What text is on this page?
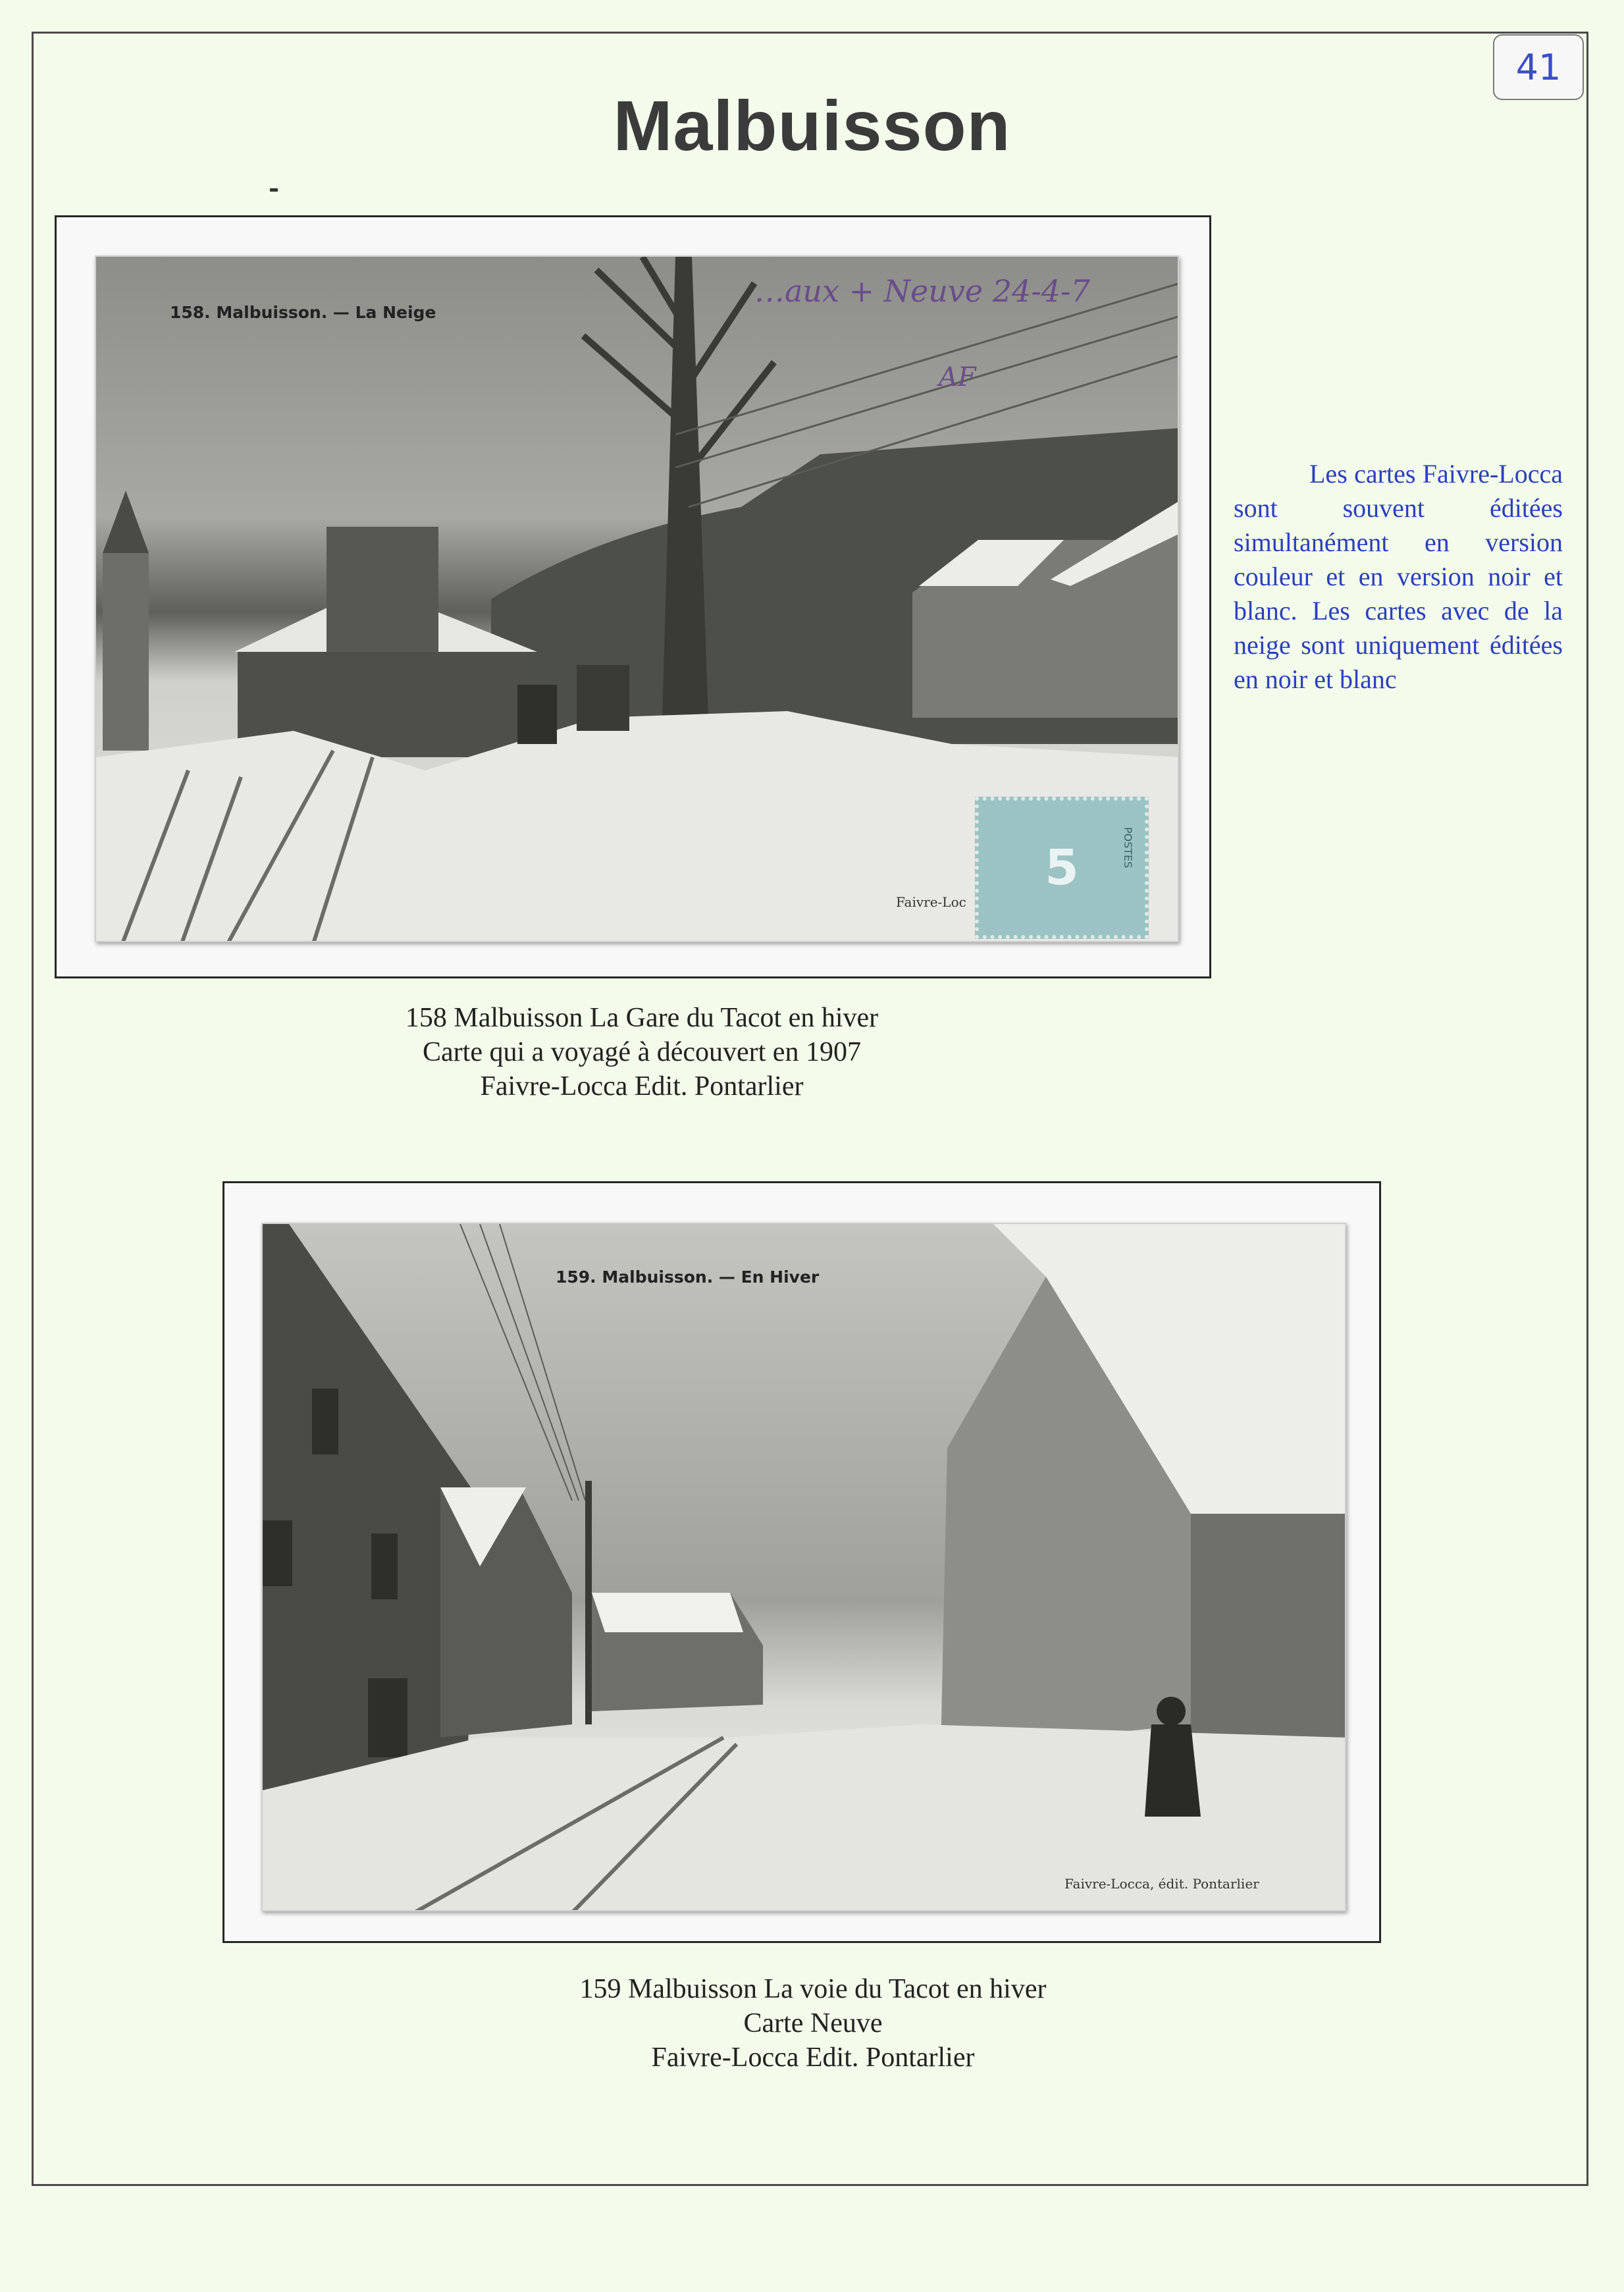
41
Malbuisson
158. Malbuisson. — La Neige
…aux + Neuve 24-4-7
AF
Faivre-Loc
5	POSTES
158 Malbuisson La Gare du Tacot en hiver
Carte qui a voyagé à découvert en 1907
Faivre-Locca Edit. Pontarlier
Les cartes Faivre-Locca sont souvent éditées simultanément en version couleur et en version noir et blanc. Les cartes avec de la neige sont uniquement éditées en noir et blanc
159. Malbuisson. — En Hiver
Faivre-Locca, édit. Pontarlier
159 Malbuisson La voie du Tacot en hiver
Carte Neuve
Faivre-Locca Edit. Pontarlier
